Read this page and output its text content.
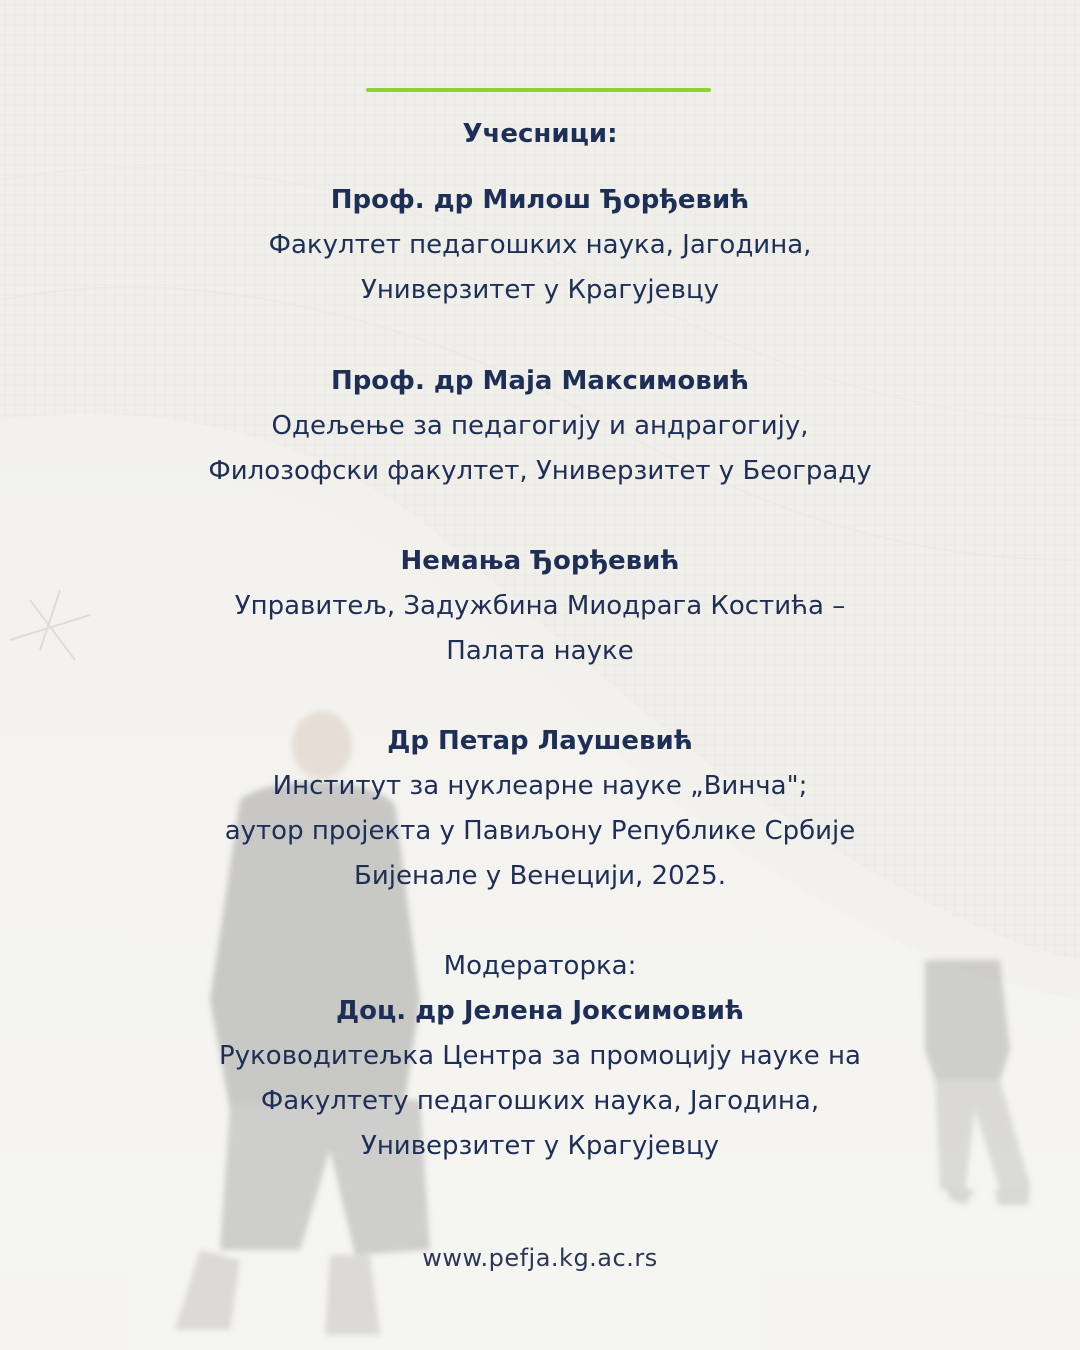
Учесници:
Проф. др Милош Ђорђевић
Факултет педагошких наука, Јагодина,
Универзитет у Крагујевцу
Проф. др Маја Максимовић
Одељење за педагогију и андрагогију,
Филозофски факултет, Универзитет у Београду
Немања Ђорђевић
Управитељ, Задужбина Миодрага Костића –
Палата науке
Др Петар Лаушевић
Институт за нуклеарне науке „Винча";
аутор пројекта у Павиљону Републике Србије
Бијенале у Венецији, 2025.
Модераторка:
Доц. др Јелена Јоксимовић
Руководитељка Центра за промоцију науке на
Факултету педагошких наука, Јагодина,
Универзитет у Крагујевцу
www.pefja.kg.ac.rs
